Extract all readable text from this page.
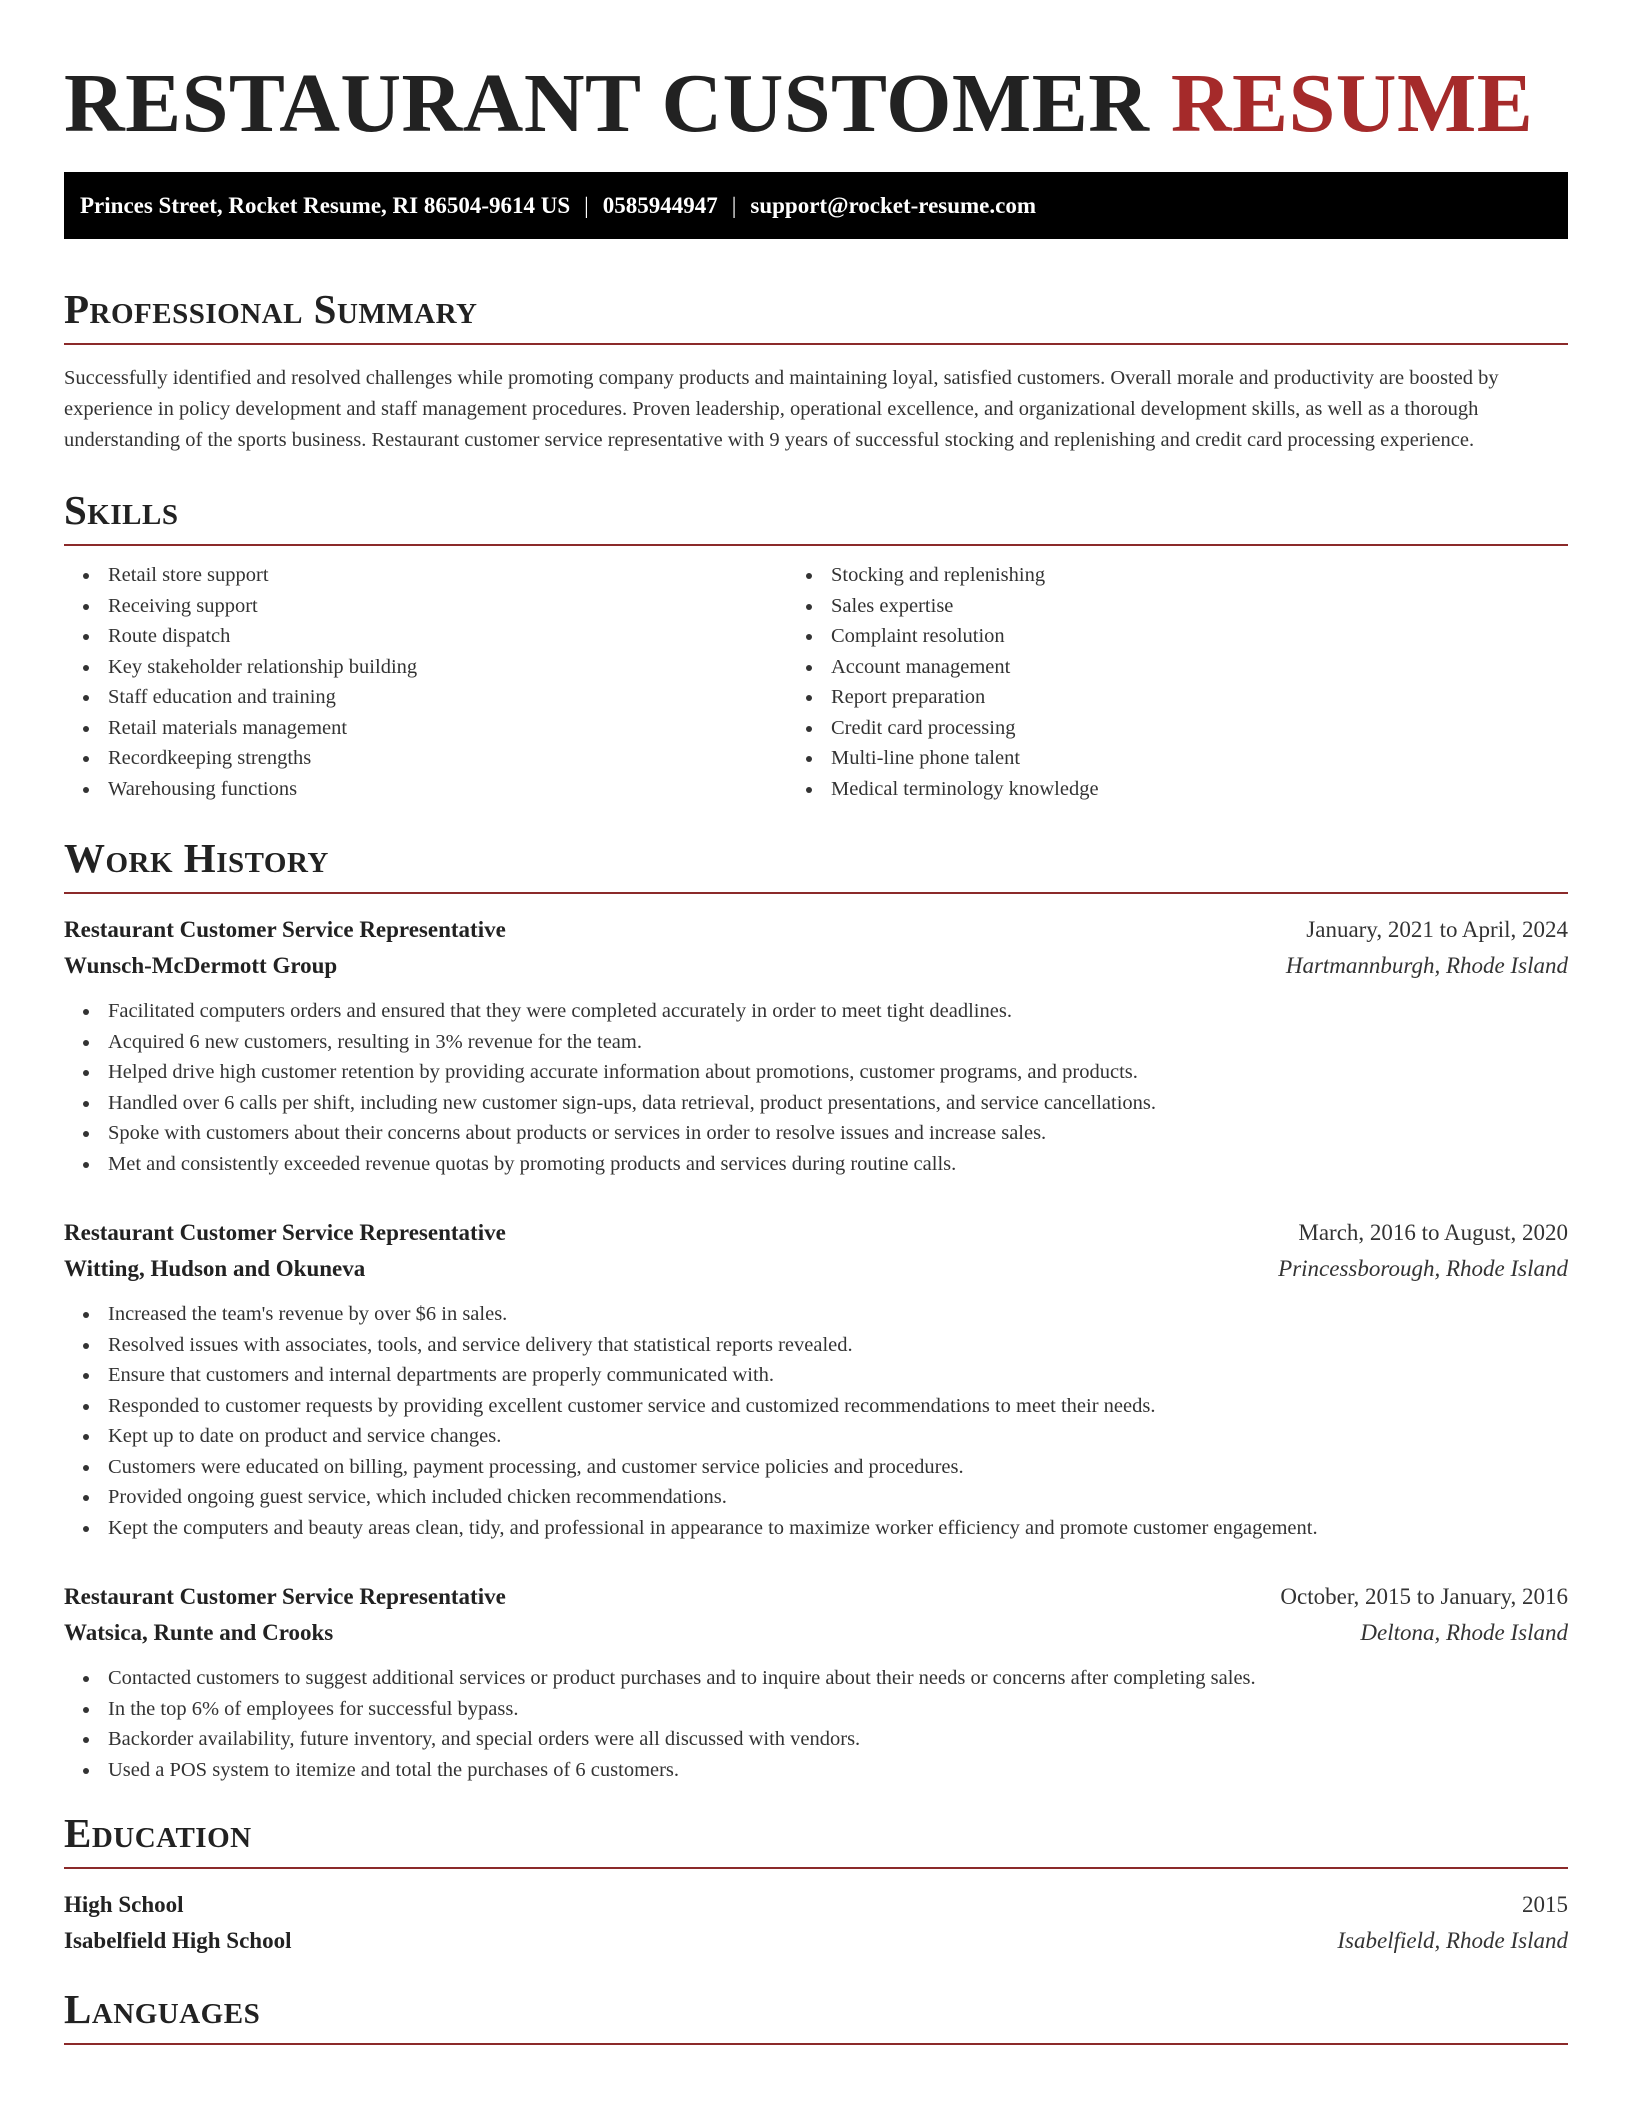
RESTAURANT CUSTOMER RESUME
Princes Street, Rocket Resume, RI 86504-9614 US | 0585944947 | support@rocket-resume.com
Professional Summary

Successfully identified and resolved challenges while promoting company products and maintaining loyal, satisfied customers. Overall morale and productivity are boosted by experience in policy development and staff management procedures. Proven leadership, operational excellence, and organizational development skills, as well as a thorough understanding of the sports business. Restaurant customer service representative with 9 years of successful stocking and replenishing and credit card processing experience.

Skills
Retail store support
Receiving support
Route dispatch
Key stakeholder relationship building
Staff education and training
Retail materials management
Recordkeeping strengths
Warehousing functions
Stocking and replenishing
Sales expertise
Complaint resolution
Account management
Report preparation
Credit card processing
Multi-line phone talent
Medical terminology knowledge
Work History
Restaurant Customer Service Representative	January, 2021 to April, 2024
Wunsch-McDermott Group	Hartmannburgh, Rhode Island
Facilitated computers orders and ensured that they were completed accurately in order to meet tight deadlines.
Acquired 6 new customers, resulting in 3% revenue for the team.
Helped drive high customer retention by providing accurate information about promotions, customer programs, and products.
Handled over 6 calls per shift, including new customer sign-ups, data retrieval, product presentations, and service cancellations.
Spoke with customers about their concerns about products or services in order to resolve issues and increase sales.
Met and consistently exceeded revenue quotas by promoting products and services during routine calls.
Restaurant Customer Service Representative	March, 2016 to August, 2020
Witting, Hudson and Okuneva	Princessborough, Rhode Island
Increased the team's revenue by over $6 in sales.
Resolved issues with associates, tools, and service delivery that statistical reports revealed.
Ensure that customers and internal departments are properly communicated with.
Responded to customer requests by providing excellent customer service and customized recommendations to meet their needs.
Kept up to date on product and service changes.
Customers were educated on billing, payment processing, and customer service policies and procedures.
Provided ongoing guest service, which included chicken recommendations.
Kept the computers and beauty areas clean, tidy, and professional in appearance to maximize worker efficiency and promote customer engagement.
Restaurant Customer Service Representative	October, 2015 to January, 2016
Watsica, Runte and Crooks	Deltona, Rhode Island
Contacted customers to suggest additional services or product purchases and to inquire about their needs or concerns after completing sales.
In the top 6% of employees for successful bypass.
Backorder availability, future inventory, and special orders were all discussed with vendors.
Used a POS system to itemize and total the purchases of 6 customers.
Education
High School	2015
Isabelfield High School	Isabelfield, Rhode Island
Languages
